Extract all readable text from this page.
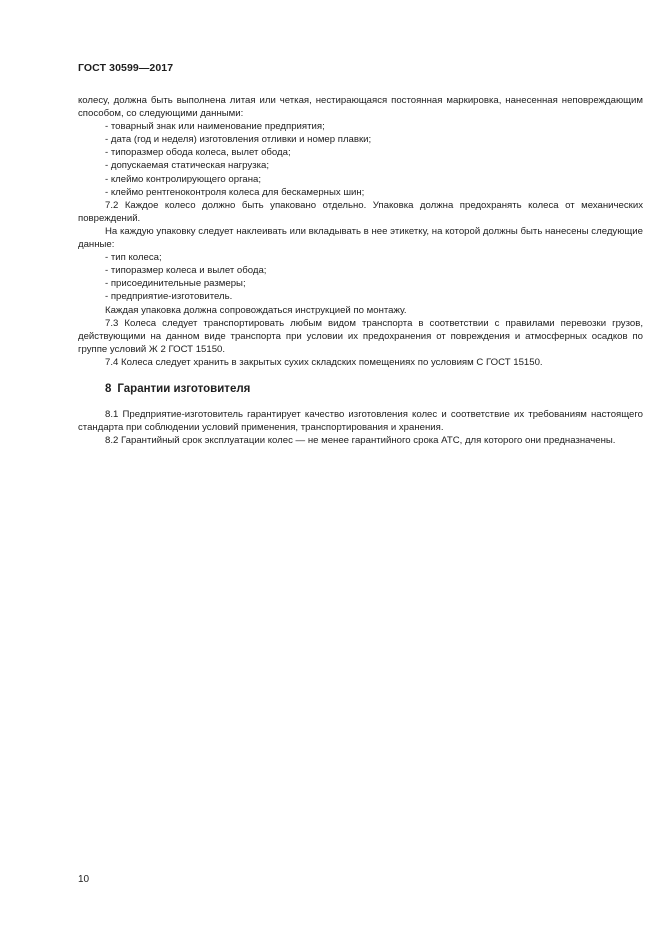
ГОСТ 30599—2017

колесу, должна быть выполнена литая или четкая, нестирающаяся постоянная маркировка, нанесенная неповреждающим способом, со следующими данными:

- товарный знак или наименование предприятия;

- дата (год и неделя) изготовления отливки и номер плавки;

- типоразмер обода колеса, вылет обода;

- допускаемая статическая нагрузка;

- клеймо контролирующего органа;

- клеймо рентгеноконтроля колеса для бескамерных шин;

7.2 Каждое колесо должно быть упаковано отдельно. Упаковка должна предохранять колеса от механических повреждений.

На каждую упаковку следует наклеивать или вкладывать в нее этикетку, на которой должны быть нанесены следующие данные:

- тип колеса;

- типоразмер колеса и вылет обода;

- присоединительные размеры;

- предприятие-изготовитель.

Каждая упаковка должна сопровождаться инструкцией по монтажу.

7.3 Колеса следует транспортировать любым видом транспорта в соответствии с правилами перевозки грузов, действующими на данном виде транспорта при условии их предохранения от повреждения и атмосферных осадков по группе условий Ж 2 ГОСТ 15150.

7.4 Колеса следует хранить в закрытых сухих складских помещениях по условиям С ГОСТ 15150.

8 Гарантии изготовителя

8.1 Предприятие-изготовитель гарантирует качество изготовления колес и соответствие их требованиям настоящего стандарта при соблюдении условий применения, транспортирования и хранения.

8.2 Гарантийный срок эксплуатации колес — не менее гарантийного срока АТС, для которого они предназначены.

10
